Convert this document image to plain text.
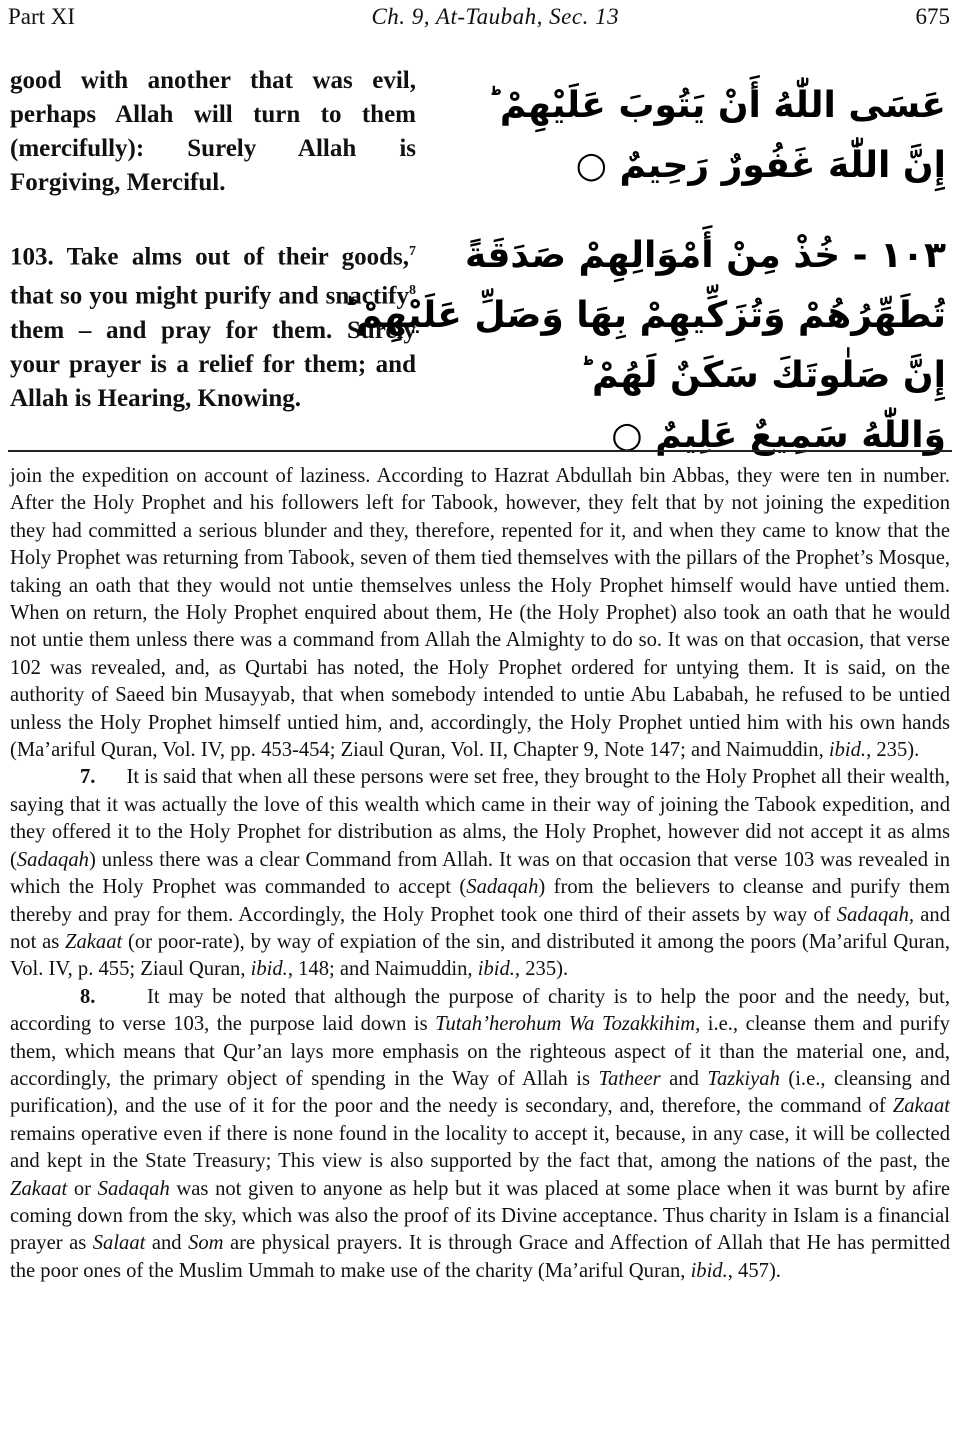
Part XI	Ch. 9, At-Taubah, Sec. 13	675
good with another that was evil, perhaps Allah will turn to them (mercifully): Surely Allah is Forgiving, Merciful.
103. Take alms out of their goods,$^7$ that so you might purify and snactify$^8$ them – and pray for them. Surely your prayer is a relief for them; and Allah is Hearing, Knowing.
عَسَى اللّٰهُ أَنْ يَتُوبَ عَلَيْهِمْ ؕ
إِنَّ اللّٰهَ غَفُورٌ رَحِيمٌ ○
١٠٣ - خُذْ مِنْ أَمْوَالِهِمْ صَدَقَةً
تُطَهِّرُهُمْ وَتُزَكِّيهِمْ بِهَا وَصَلِّ عَلَيْهِمْ ؕ
إِنَّ صَلٰوتَكَ سَكَنٌ لَهُمْ ؕ
وَاللّٰهُ سَمِيعٌ عَلِيمٌ ○

join the expedition on account of laziness. According to Hazrat Abdullah bin Abbas, they were ten in number. After the Holy Prophet and his followers left for Tabook, however, they felt that by not joining the expedition they had committed a serious blunder and they, therefore, repented for it, and when they came to know that the Holy Prophet was returning from Tabook, seven of them tied themselves with the pillars of the Prophet’s Mosque, taking an oath that they would not untie themselves unless the Holy Prophet himself would have untied them. When on return, the Holy Prophet enquired about them, He (the Holy Prophet) also took an oath that he would not untie them unless there was a command from Allah the Almighty to do so. It was on that occasion, that verse 102 was revealed, and, as Qurtabi has noted, the Holy Prophet ordered for untying them. It is said, on the authority of Saeed bin Musayyab, that when somebody intended to untie Abu Lababah, he refused to be untied unless the Holy Prophet himself untied him, and, accordingly, the Holy Prophet untied him with his own hands (Ma’ariful Quran, Vol. IV, pp. 453-454; Ziaul Quran, Vol. II, Chapter 9, Note 147; and Naimuddin, ibid., 235).

7. It is said that when all these persons were set free, they brought to the Holy Prophet all their wealth, saying that it was actually the love of this wealth which came in their way of joining the Tabook expedition, and they offered it to the Holy Prophet for distribution as alms, the Holy Prophet, however did not accept it as alms (Sadaqah) unless there was a clear Command from Allah. It was on that occasion that verse 103 was revealed in which the Holy Prophet was commanded to accept (Sadaqah) from the believers to cleanse and purify them thereby and pray for them. Accordingly, the Holy Prophet took one third of their assets by way of Sadaqah, and not as Zakaat (or poor-rate), by way of expiation of the sin, and distributed it among the poors (Ma’ariful Quran, Vol. IV, p. 455; Ziaul Quran, ibid., 148; and Naimuddin, ibid., 235).

8.	It may be noted that although the purpose of charity is to help the poor and the needy, but, according to verse 103, the purpose laid down is Tutah’herohum Wa Tozakkihim, i.e., cleanse them and purify them, which means that Qur’an lays more emphasis on the righteous aspect of it than the material one, and, accordingly, the primary object of spending in the Way of Allah is Tatheer and Tazkiyah (i.e., cleansing and purification), and the use of it for the poor and the needy is secondary, and, therefore, the command of Zakaat remains operative even if there is none found in the locality to accept it, because, in any case, it will be collected and kept in the State Treasury; This view is also supported by the fact that, among the nations of the past, the Zakaat or Sadaqah was not given to anyone as help but it was placed at some place when it was burnt by afire coming down from the sky, which was also the proof of its Divine acceptance. Thus charity in Islam is a financial prayer as Salaat and Som are physical prayers. It is through Grace and Affection of Allah that He has permitted the poor ones of the Muslim Ummah to make use of the charity (Ma’ariful Quran, ibid., 457).
